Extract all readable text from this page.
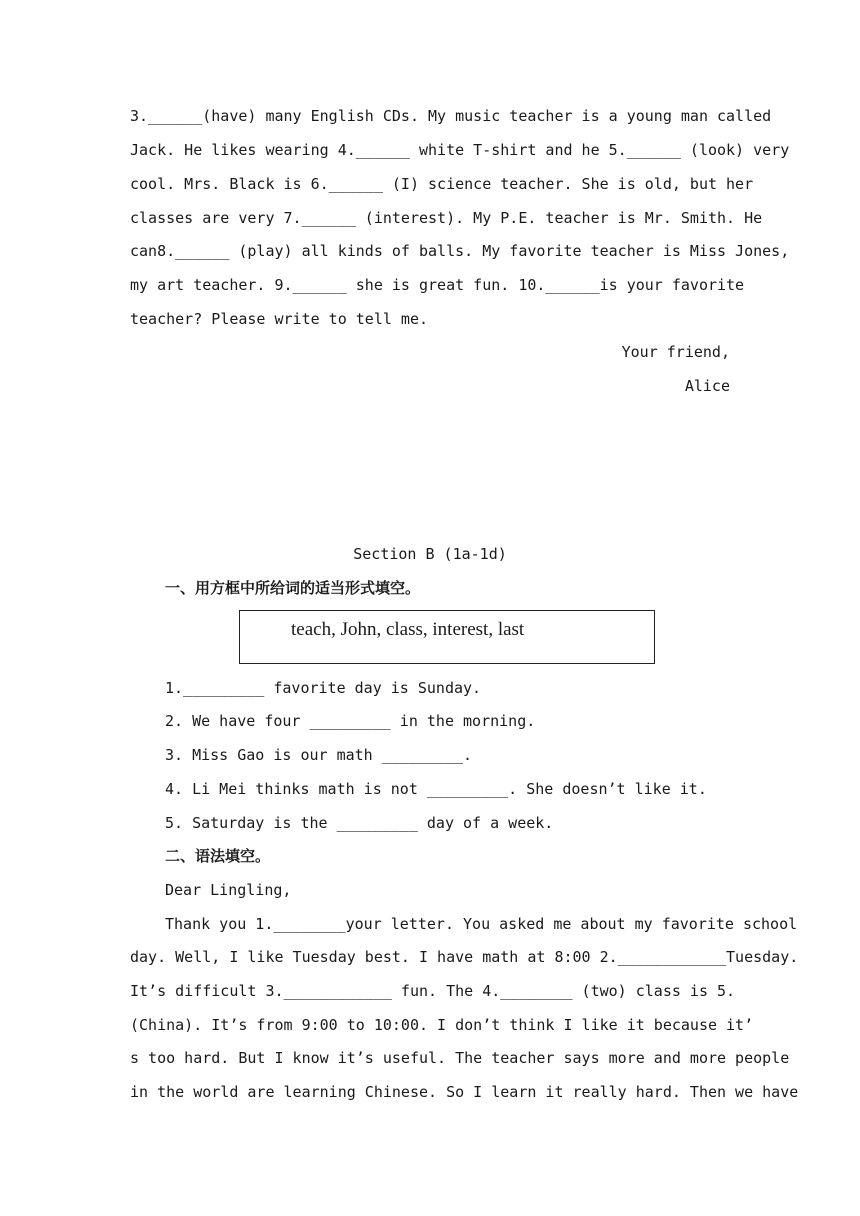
3.______(have) many English CDs. My music teacher is a young man called
Jack. He likes wearing 4.______ white T-shirt and he 5.______ (look) very
cool. Mrs. Black is 6.______ (I) science teacher. She is old, but her
classes are very 7.______ (interest). My P.E. teacher is Mr. Smith. He
can8.______ (play) all kinds of balls. My favorite teacher is Miss Jones,
my art teacher. 9.______ she is great fun. 10.______is your favorite
teacher? Please write to tell me.
Your friend,
Alice
Section B (1a-1d)
一、用方框中所给词的适当形式填空。
teach, John, class, interest, last
1._________ favorite day is Sunday.
2. We have four _________ in the morning.
3. Miss Gao is our math _________.
4. Li Mei thinks math is not _________. She doesn’t like it.
5. Saturday is the _________ day of a week.
二、语法填空。
Dear Lingling,
Thank you 1.________your letter. You asked me about my favorite school
day. Well, I like Tuesday best. I have math at 8:00 2.____________Tuesday.
It’s difficult 3.____________ fun. The 4.________ (two) class is 5.
(China). It’s from 9:00 to 10:00. I don’t think I like it because it’
s too hard. But I know it’s useful. The teacher says more and more people
in the world are learning Chinese. So I learn it really hard. Then we have
